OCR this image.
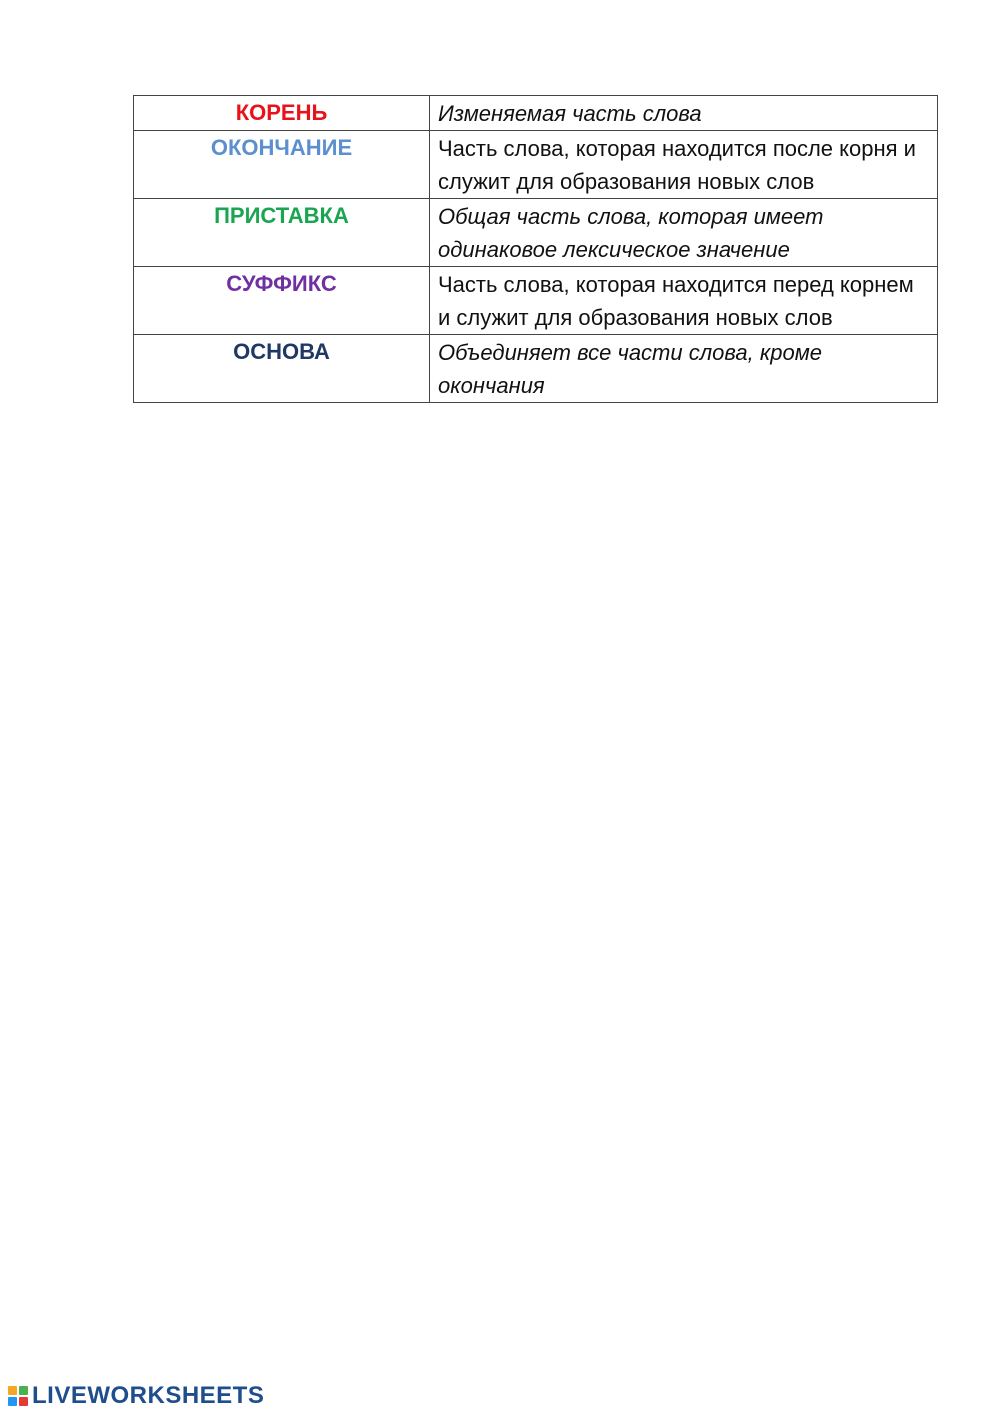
КОРЕНЬ	Изменяемая часть слова
ОКОНЧАНИЕ	Часть слова, которая находится после корня и служит для образования новых слов
ПРИСТАВКА	Общая часть слова, которая имеет одинаковое лексическое значение
СУФФИКС	Часть слова, которая находится перед корнем и служит для образования новых слов
ОСНОВА	Объединяет все части слова, кроме окончания
LIVEWORKSHEETS
